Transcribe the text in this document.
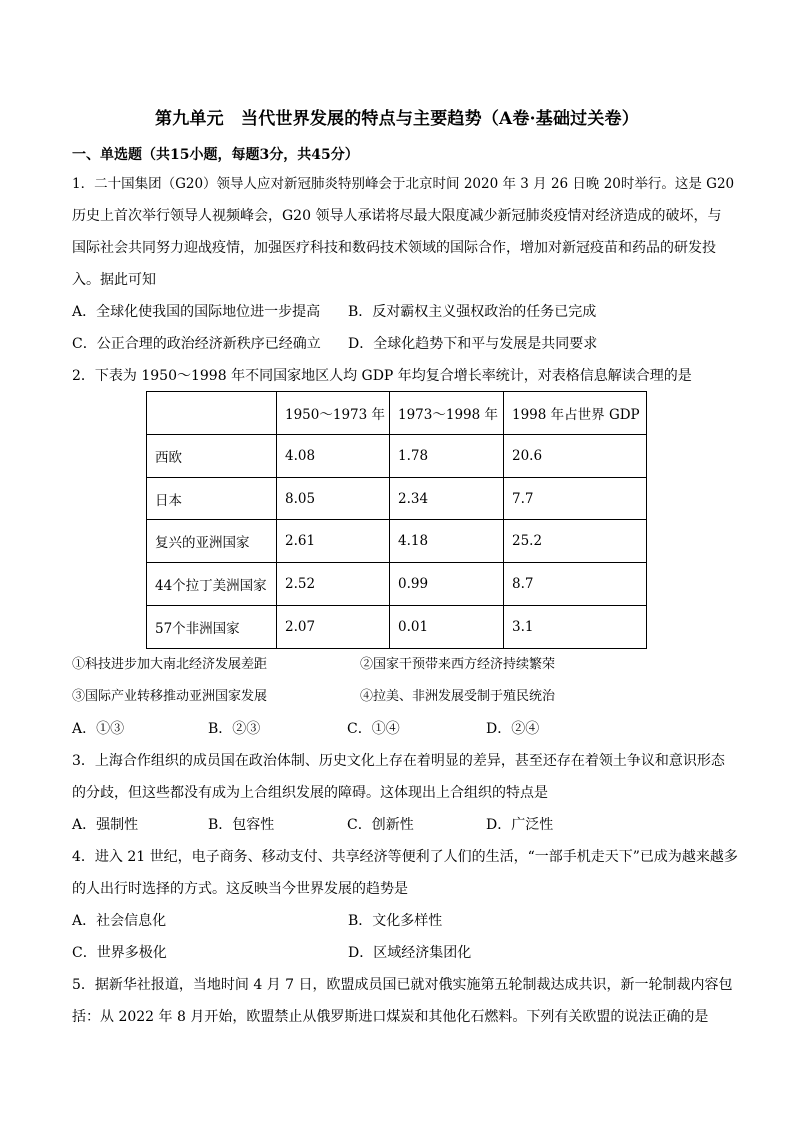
第九单元　当代世界发展的特点与主要趋势（A卷·基础过关卷）
一、单选题（共15小题，每题3分，共45分）
1．二十国集团（G20）领导人应对新冠肺炎特别峰会于北京时间 2020 年 3 月 26 日晚 20时举行。这是 G20
历史上首次举行领导人视频峰会，G20 领导人承诺将尽最大限度减少新冠肺炎疫情对经济造成的破坏，与
国际社会共同努力迎战疫情，加强医疗科技和数码技术领域的国际合作，增加对新冠疫苗和药品的研发投
入。据此可知
A．全球化使我国的国际地位进一步提高 B．反对霸权主义强权政治的任务已完成
C．公正合理的政治经济新秩序已经确立 D．全球化趋势下和平与发展是共同要求
2．下表为 1950～1998 年不同国家地区人均 GDP 年均复合增长率统计，对表格信息解读合理的是
	1950～1973 年	1973～1998 年	1998 年占世界 GDP
西欧	4.08	1.78	20.6
日本	8.05	2.34	7.7
复兴的亚洲国家	2.61	4.18	25.2
44个拉丁美洲国家	2.52	0.99	8.7
57个非洲国家	2.07	0.01	3.1
①科技进步加大南北经济发展差距	②国家干预带来西方经济持续繁荣
③国际产业转移推动亚洲国家发展	④拉美、非洲发展受制于殖民统治
A．①③	B．②③	C．①④	D．②④
3．上海合作组织的成员国在政治体制、历史文化上存在着明显的差异，甚至还存在着领土争议和意识形态
的分歧，但这些都没有成为上合组织发展的障碍。这体现出上合组织的特点是
A．强制性	B．包容性	C．创新性	D．广泛性
4．进入 21 世纪，电子商务、移动支付、共享经济等便利了人们的生活，“一部手机走天下”已成为越来越多
的人出行时选择的方式。这反映当今世界发展的趋势是
A．社会信息化	B．文化多样性
C．世界多极化	D．区域经济集团化
5．据新华社报道，当地时间 4 月 7 日，欧盟成员国已就对俄实施第五轮制裁达成共识，新一轮制裁内容包
括：从 2022 年 8 月开始，欧盟禁止从俄罗斯进口煤炭和其他化石燃料。下列有关欧盟的说法正确的是
